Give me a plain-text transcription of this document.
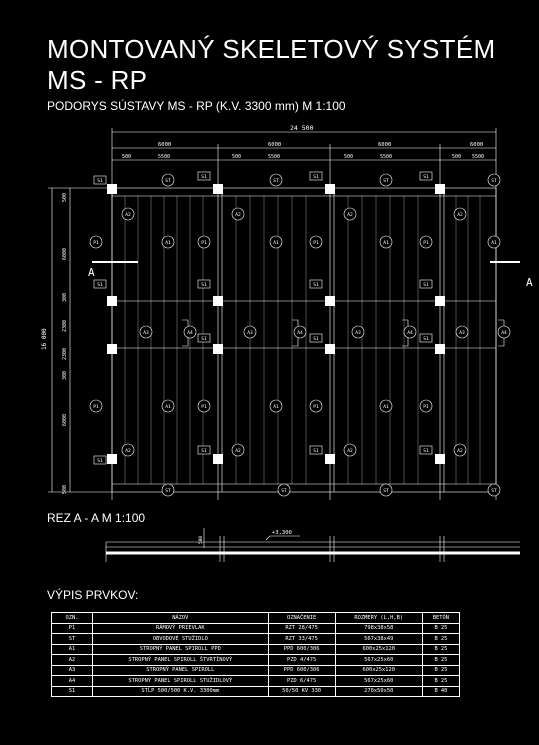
MONTOVANÝ SKELETOVÝ SYSTÉM
MS - RP
PODORYS SÚSTAVY MS - RP (K.V. 3300 mm) M 1:100
A
A
24 500
6000	6000	6000	6000
500	5500	500	5500	500	5500	500 5500
16 000
500
6000
300
2300
2300
300
6000
500
ST	ST	ST	ST
ST	ST	ST	ST
P1	P1	P1	P1
P1	P1	P1	P1
A1	A1	A1	A1
A1	A1	A1
A2	A2	A2	A2
A2	A2	A2	A2
A3	A3	A3	A3
A4	A4	A4	A4
S1
S1	S1	S1
S1	S1	S1
S1
S1	S1	S1
S1
S1	S1	S1
REZ A - A M 1:100
+3,300
500
VÝPIS PRVKOV:
OZN.	NÁZOV	OZNAČENIE	ROZMERY (L,H,B)	BETÓN
P1	RÁMOVÝ PRIEVLAK	RZT 28/475	798x38x58	B 25
ST	OBVODOVÉ STUŽIDLO	RZT 33/475	567x38x49	B 25
A1	STROPNÝ PANEL SPIROLL PPD	PPD 600/306	600x25x120	B 25
A2	STROPNÝ PANEL SPIROLL ŠTVRTÍNOVÝ	PZD 4/475	567x25x60	B 25
A3	STROPNÝ PANEL SPIROLL	PPD 600/306	600x25x120	B 25
A4	STROPNÝ PANEL SPIROLL STUŽIDLOVÝ	PZD 6/475	567x25x60	B 25
S1	STĹP 500/500 K.V. 3300mm	50/50 KV 330	270x50x50	B 40
